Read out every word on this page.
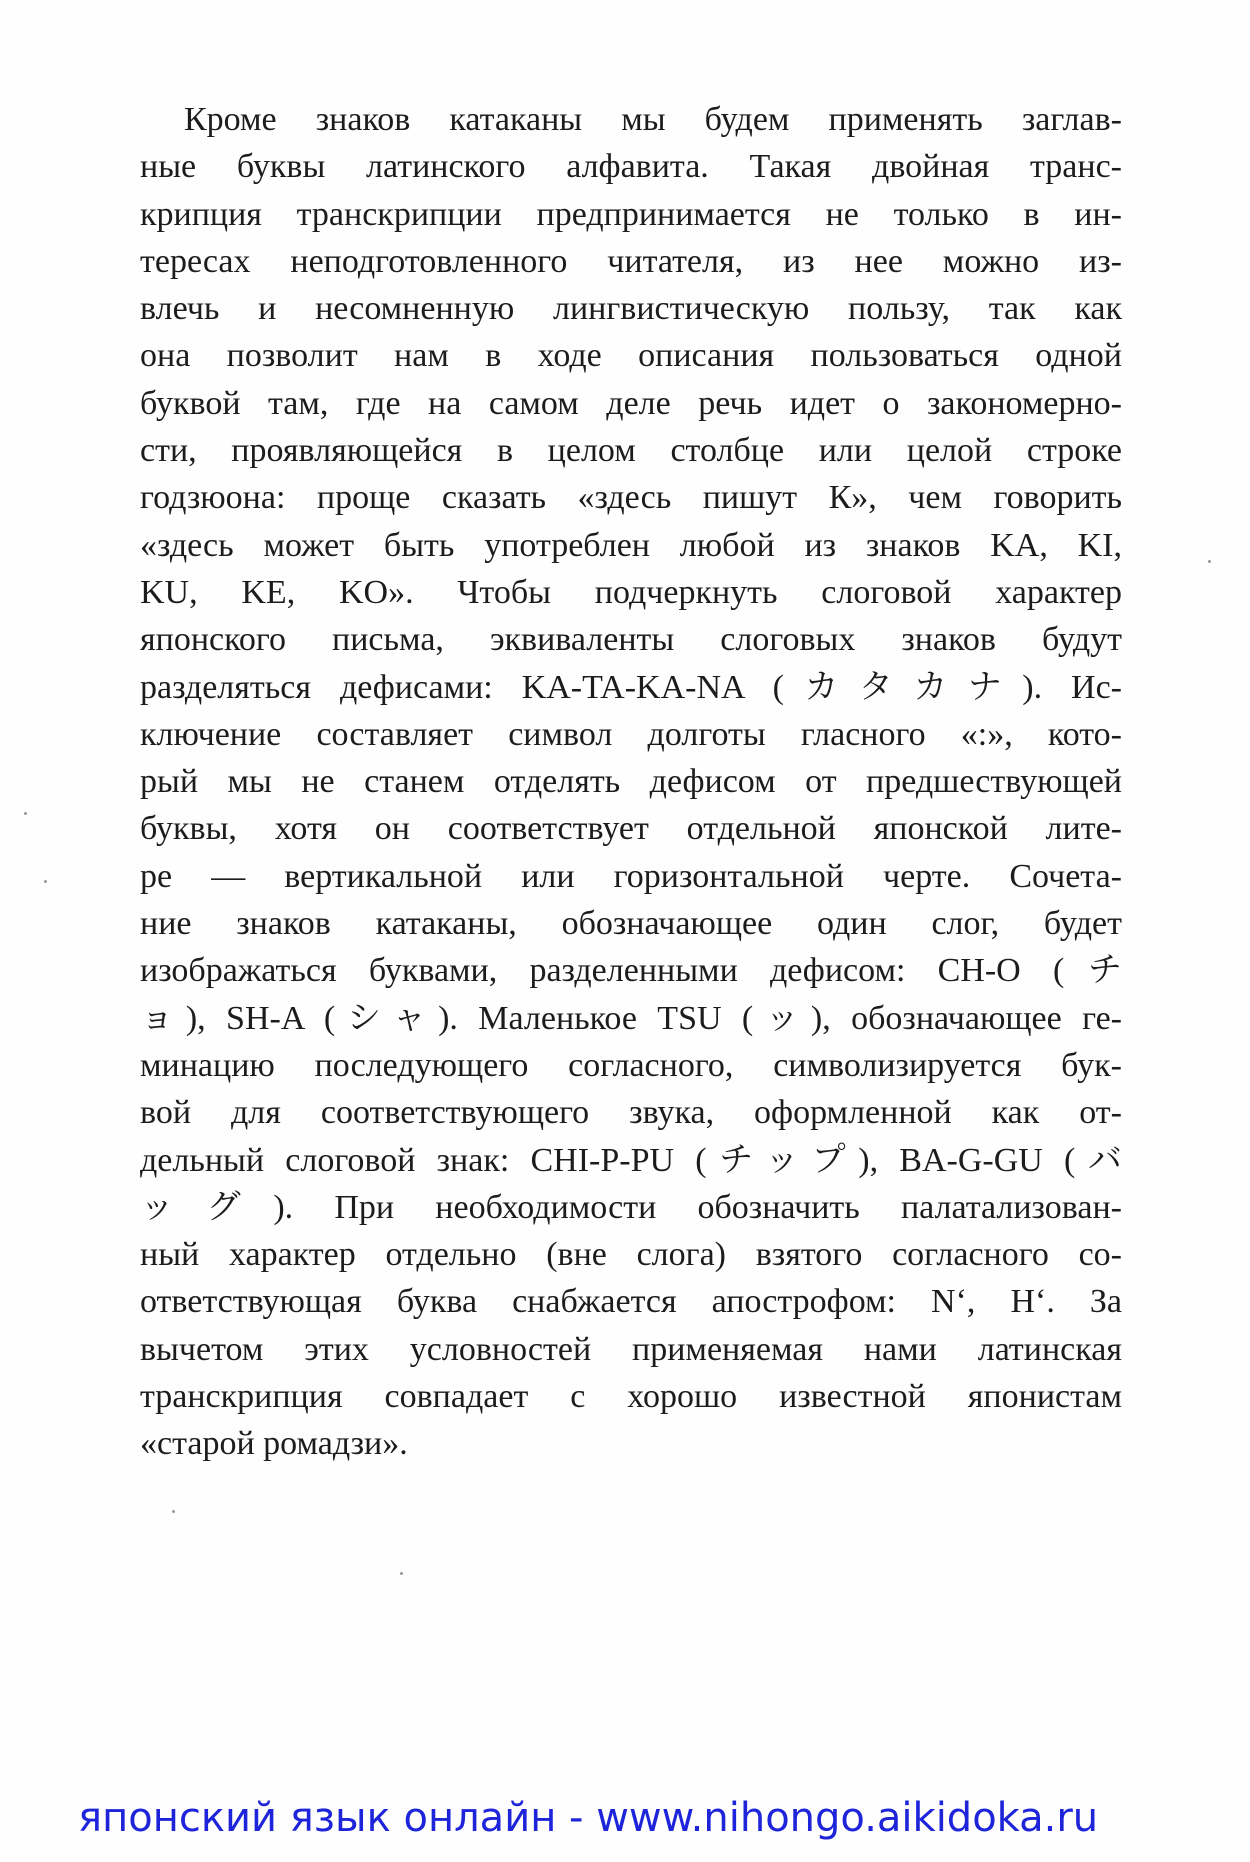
Кроме знаков катаканы мы будем применять заглав-
ные буквы латинского алфавита. Такая двойная транс-
крипция транскрипции предпринимается не только в ин-
тересах неподготовленного читателя, из нее можно из-
влечь и несомненную лингвистическую пользу, так как
она позволит нам в ходе описания пользоваться одной
буквой там, где на самом деле речь идет о закономерно-
сти, проявляющейся в целом столбце или целой строке
годзюона: проще сказать «здесь пишут К», чем говорить
«здесь может быть употреблен любой из знаков KA, KI,
KU, KE, KO». Чтобы подчеркнуть слоговой характер
японского письма, эквиваленты слоговых знаков будут
разделяться дефисами: KA-TA-KA-NA (カタカナ). Ис-
ключение составляет символ долготы гласного «:», кото-
рый мы не станем отделять дефисом от предшествующей
буквы, хотя он соответствует отдельной японской лите-
ре — вертикальной или горизонтальной черте. Сочета-
ние знаков катаканы, обозначающее один слог, будет
изображаться буквами, разделенными дефисом: CH-O (チ
ョ), SH-A (シャ). Маленькое TSU (ッ), обозначающее ге-
минацию последующего согласного, символизируется бук-
вой для соответствующего звука, оформленной как от-
дельный слоговой знак: CHI-P-PU (チップ), BA-G-GU (バ
ッグ). При необходимости обозначить палатализован-
ный характер отдельно (вне слога) взятого согласного со-
ответствующая буква снабжается апострофом: N‘, H‘. За
вычетом этих условностей применяемая нами латинская
транскрипция совпадает с хорошо известной японистам
«старой ромадзи».
японский язык онлайн - www.nihongo.aikidoka.ru
